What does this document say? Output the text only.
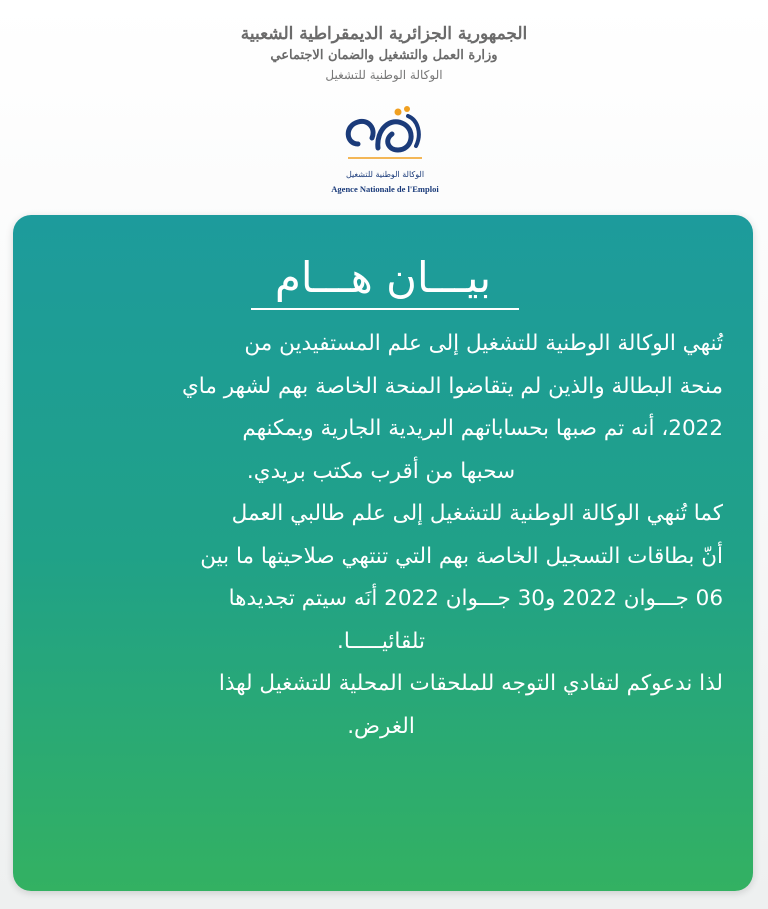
الجمهورية الجزائرية الديمقراطية الشعبية
وزارة العمل والتشغيل والضمان الاجتماعي
الوكالة الوطنية للتشغيل
الوكالة الوطنية للتشغيل
Agence Nationale de l'Emploi
بيـــان هـــام

تُنهي الوكالة الوطنية للتشغيل إلى علم المستفيدين من

منحة البطالة والذين لم يتقاضوا المنحة الخاصة بهم لشهر ماي

2022، أنه تم صبها بحساباتهم البريدية الجارية ويمكنهم

سحبها من أقرب مكتب بريدي.

كما تُنهي الوكالة الوطنية للتشغيل إلى علم طالبي العمل

أنّ بطاقات التسجيل الخاصة بهم التي تنتهي صلاحيتها ما بين

06 جـــوان 2022 و30 جـــوان 2022 أنَه سيتم تجديدها

تلقائيـــــا.

لذا ندعوكم لتفادي التوجه للملحقات المحلية للتشغيل لهذا

الغرض.
